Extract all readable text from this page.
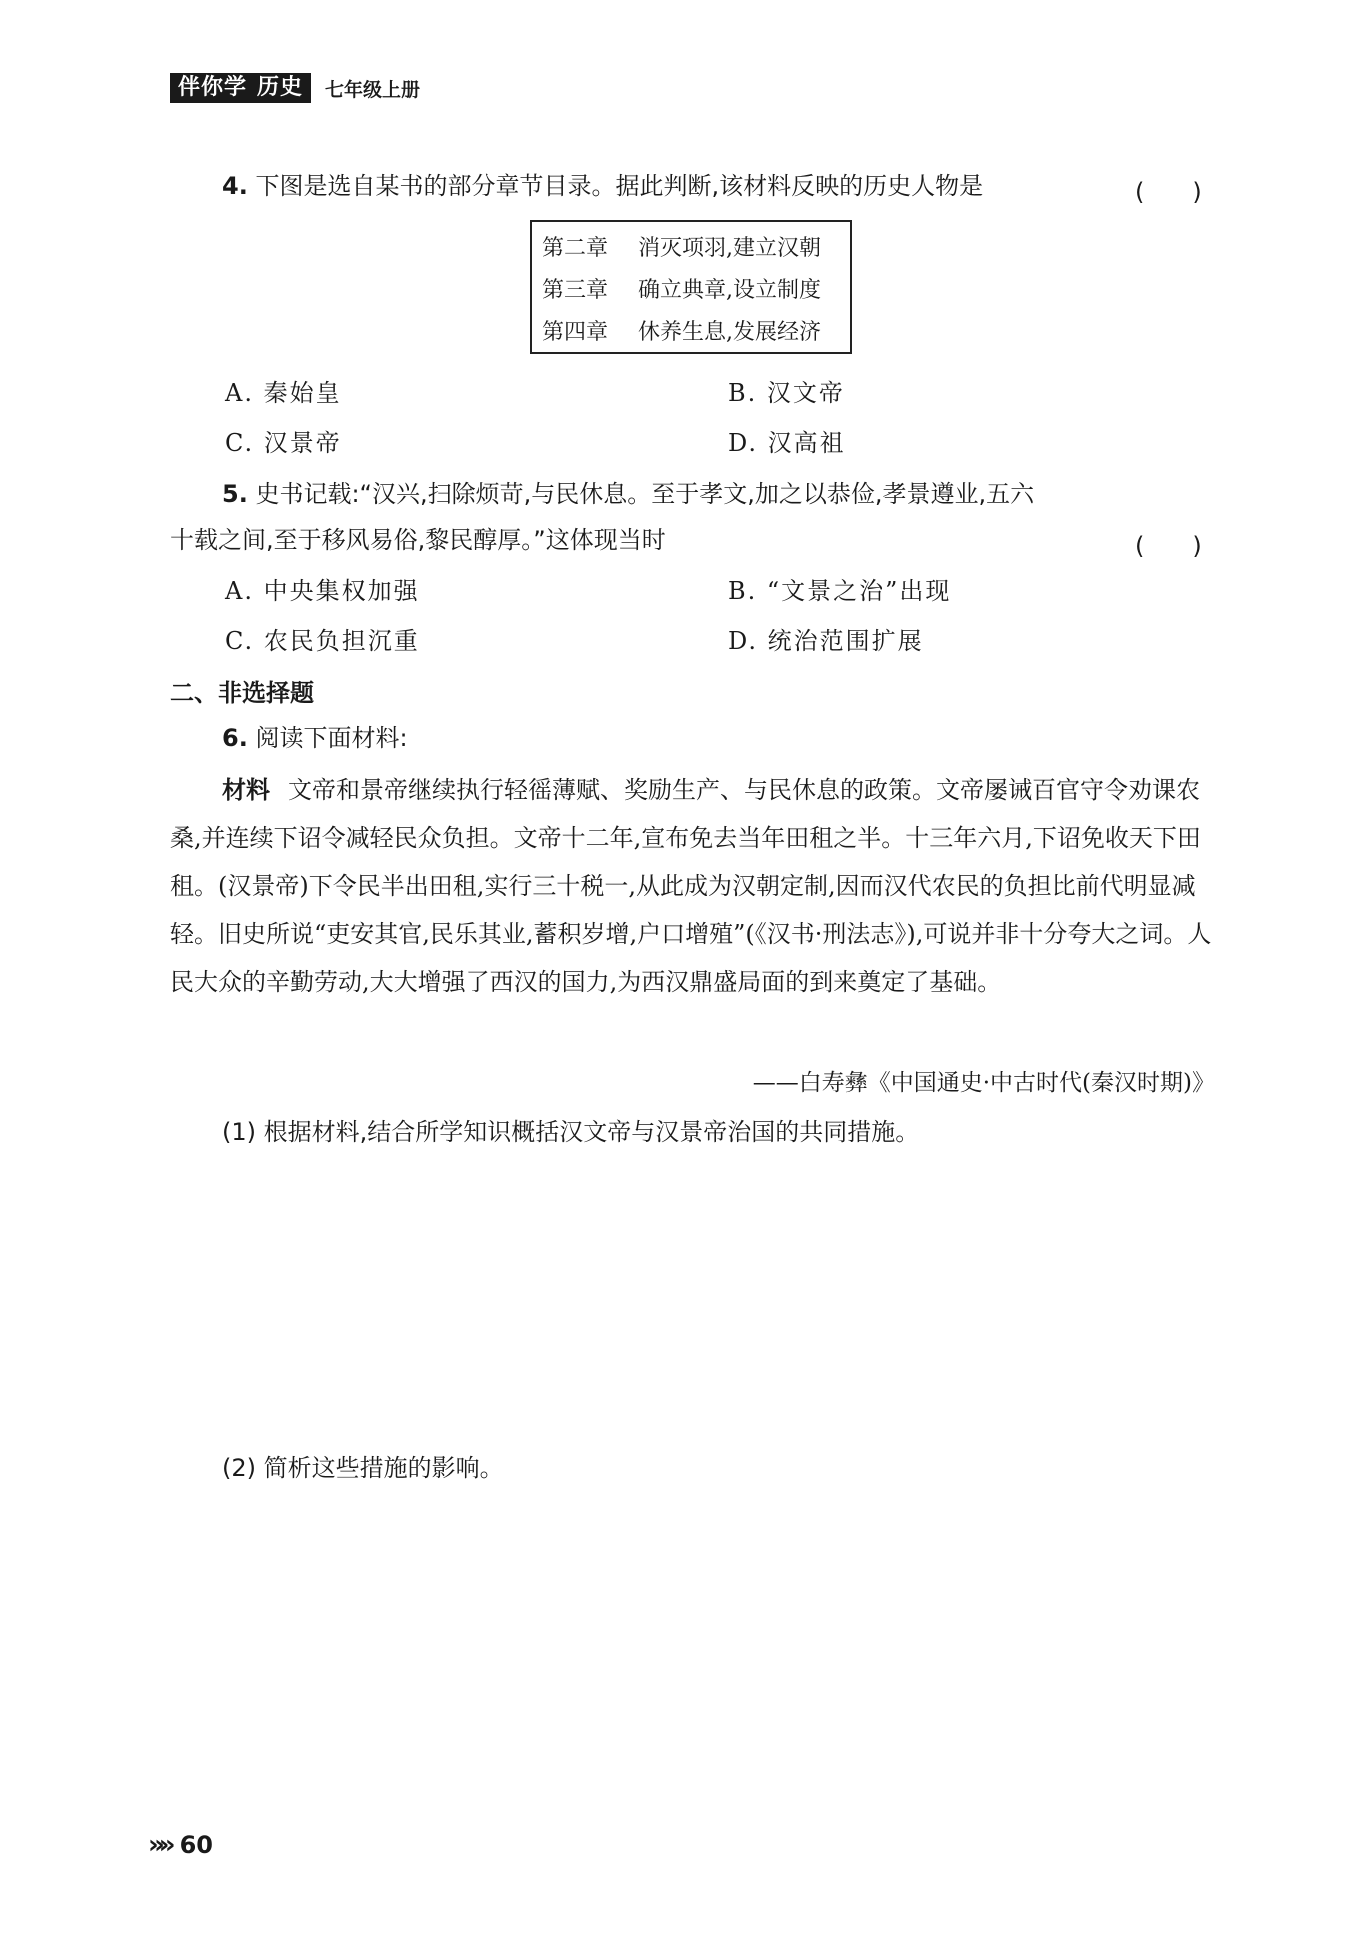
伴你学 历史	七年级上册
4. 下图是选自某书的部分章节目录。据此判断,该材料反映的历史人物是	(　　)
第二章 消灭项羽,建立汉朝
第三章 确立典章,设立制度
第四章 休养生息,发展经济
A. 秦始皇	B. 汉文帝
C. 汉景帝	D. 汉高祖
5. 史书记载:“汉兴,扫除烦苛,与民休息。至于孝文,加之以恭俭,孝景遵业,五六
十载之间,至于移风易俗,黎民醇厚。”这体现当时	(　　)
A. 中央集权加强	B. “文景之治”出现
C. 农民负担沉重	D. 统治范围扩展
二、非选择题
6. 阅读下面材料:
材料 文帝和景帝继续执行轻徭薄赋、奖励生产、与民休息的政策。文帝屡诫百官守令劝课农桑,并连续下诏令减轻民众负担。文帝十二年,宣布免去当年田租之半。十三年六月,下诏免收天下田租。(汉景帝)下令民半出田租,实行三十税一,从此成为汉朝定制,因而汉代农民的负担比前代明显减轻。旧史所说“吏安其官,民乐其业,蓄积岁增,户口增殖”(《汉书·刑法志》),可说并非十分夸大之词。人民大众的辛勤劳动,大大增强了西汉的国力,为西汉鼎盛局面的到来奠定了基础。
——白寿彝《中国通史·中古时代(秦汉时期)》
(1) 根据材料,结合所学知识概括汉文帝与汉景帝治国的共同措施。
(2) 简析这些措施的影响。
»» 60
